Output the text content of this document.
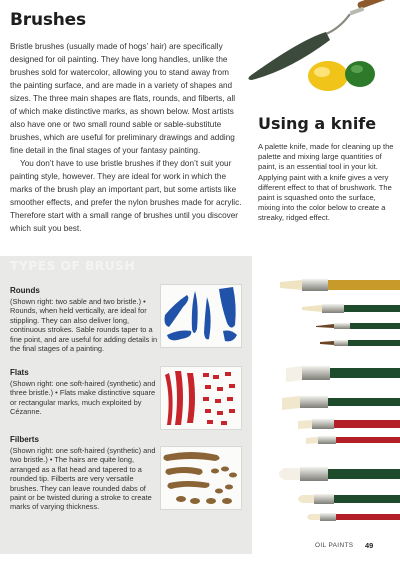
Brushes

Bristle brushes (usually made of hogs’ hair) are specifically designed for oil painting. They have long handles, unlike the brushes sold for watercolor, allowing you to stand away from the painting surface, and are made in a variety of shapes and sizes. The three main shapes are flats, rounds, and filberts, all of which make distinctive marks, as shown below. Most artists also have one or two small round sable or sable-substitute brushes, which are useful for preliminary drawings and adding fine detail in the final stages of your fantasy painting.

You don’t have to use bristle brushes if they don’t suit your painting style, however. They are ideal for work in which the marks of the brush play an important part, but some artists like smoother effects, and prefer the nylon brushes made for acrylic. Therefore start with a small range of brushes until you discover which suit you best.

Using a knife

A palette knife, made for cleaning up the palette and mixing large quantities of paint, is an essential tool in your kit. Applying paint with a knife gives a very different effect to that of brushwork. The paint is squashed onto the surface, mixing into the color below to create a streaky, ridged effect.

TYPES OF BRUSH

Rounds

(Shown right: two sable and two bristle.) • Rounds, when held vertically, are ideal for stippling. They can also deliver long, continuous strokes. Sable rounds taper to a fine point, and are useful for adding details in the final stages of a painting.

Flats

(Shown right: one soft-haired (synthetic) and three bristle.) • Flats make distinctive square or rectangular marks, much exploited by Cézanne.

Filberts

(Shown right: one soft-haired (synthetic) and two bristle.) • The hairs are quite long, arranged as a flat head and tapered to a rounded tip. Filberts are very versatile brushes. They can leave rounded dabs of paint or be twisted during a stroke to create marks of varying thickness.

OIL PAINTS 49
